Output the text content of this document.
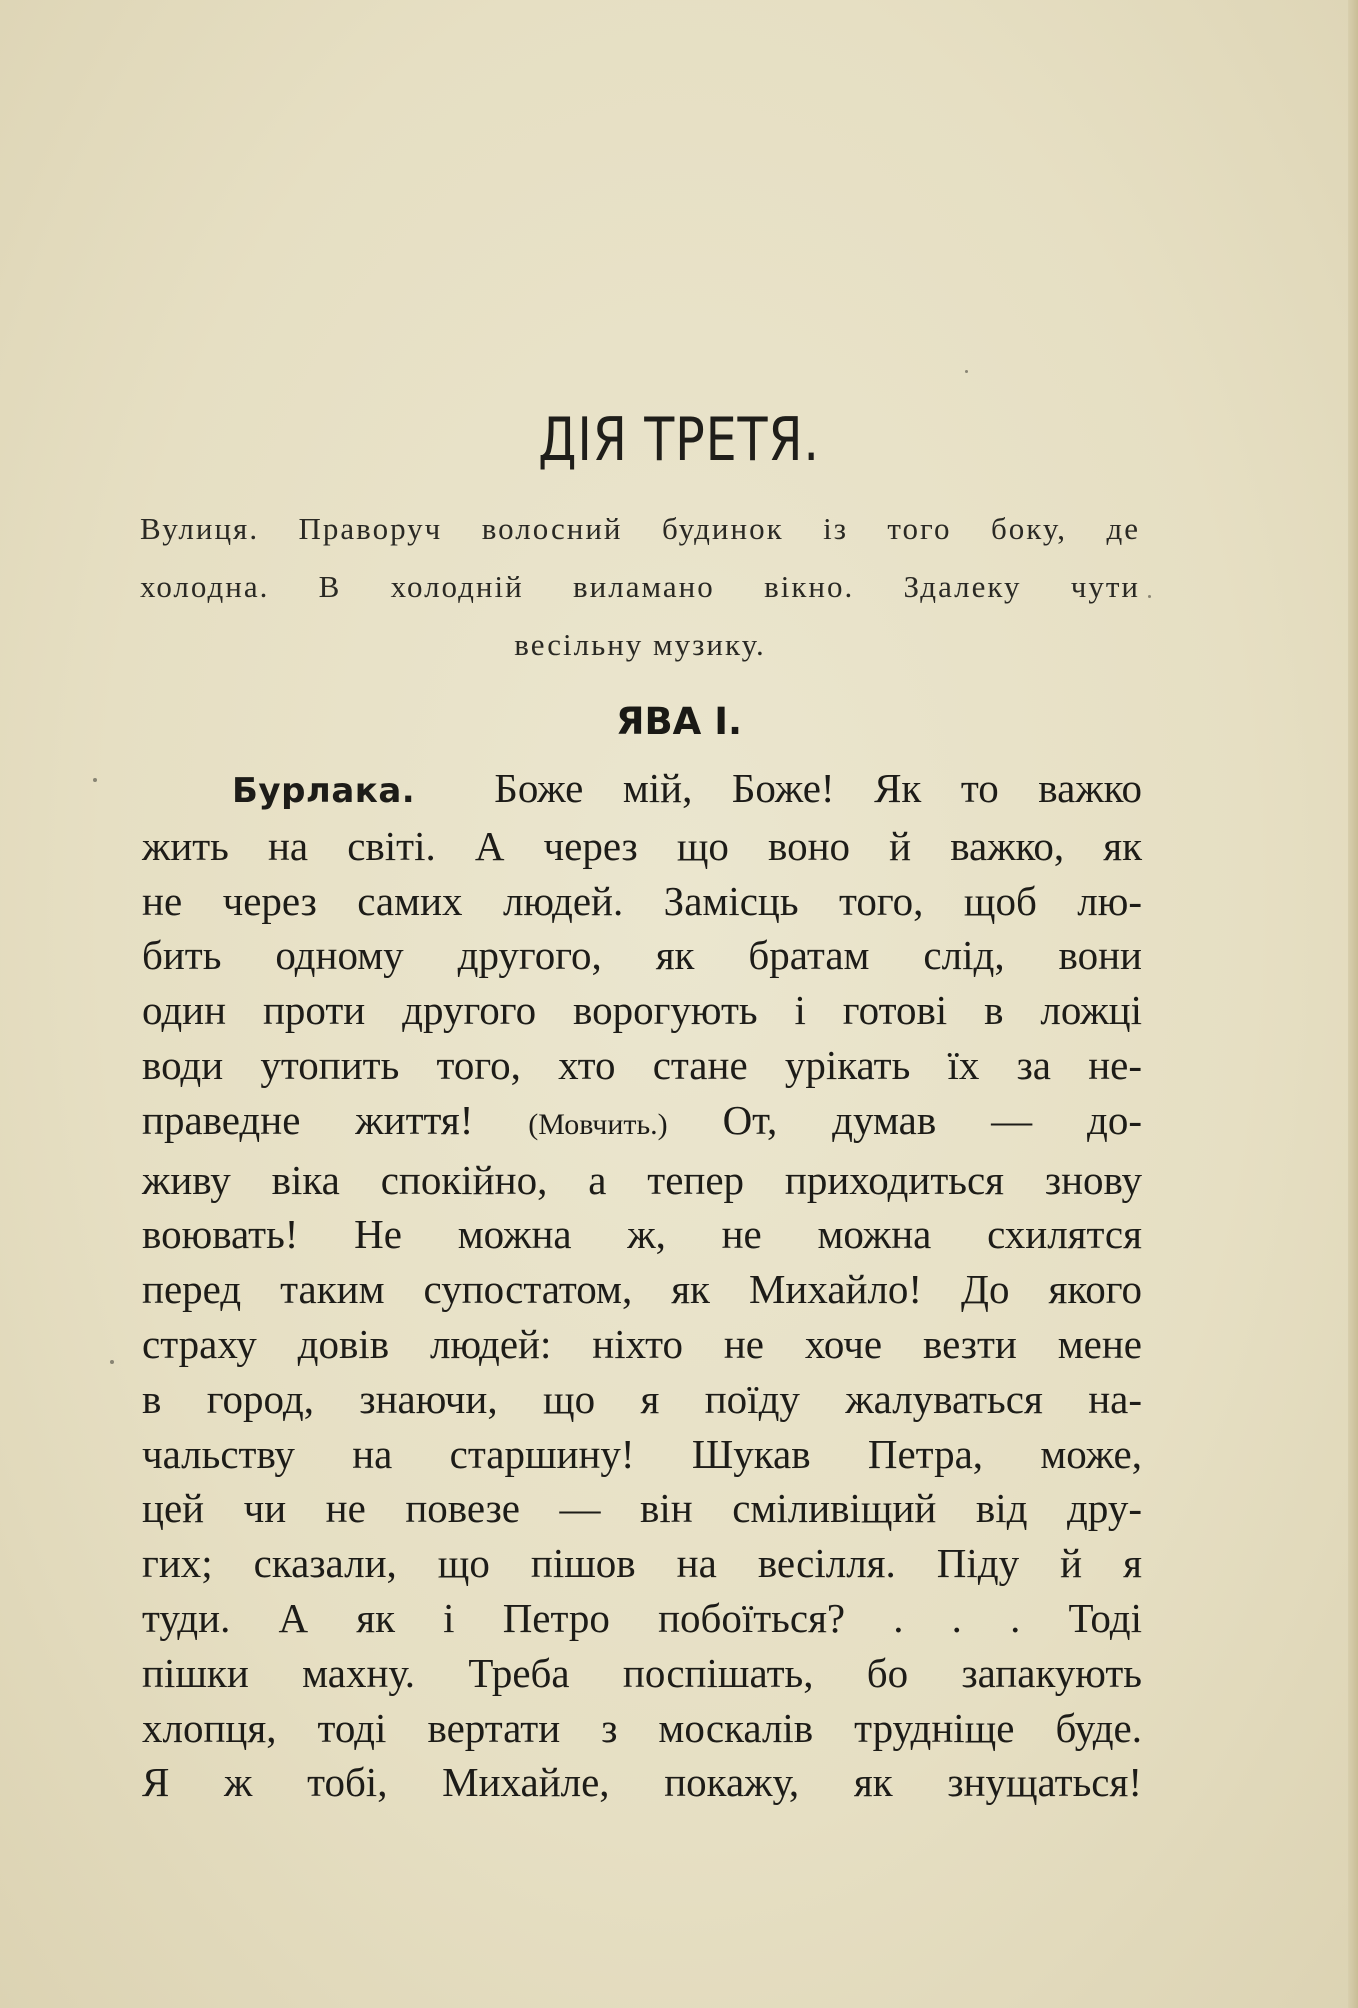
ДІЯ ТРЕТЯ.
Вулиця. Праворуч волосний будинок із того боку, де
холодна. В холодній виламано вікно. Здалеку чути
весільну музику.
ЯВА I.
Бурлака. Боже мій, Боже! Як то важко
жить на світі. А через що воно й важко, як
не через самих людей. Замісць того, щоб лю-
бить одному другого, як братам слід, вони
один проти другого ворогують і готові в ложці
води утопить того, хто стане урікать їх за не-
праведне життя! (Мовчить.) От, думав — до-
живу віка спокійно, а тепер приходиться знову
воювать! Не можна ж, не можна схилятся
перед таким супостатом, як Михайло! До якого
страху довів людей: ніхто не хоче везти мене
в город, знаючи, що я поїду жалуваться на-
чальству на старшину! Шукав Петра, може,
цей чи не повезе — він сміливіщий від дру-
гих; сказали, що пішов на весілля. Піду й я
туди. А як і Петро побоїться? . . . Тоді
пішки махну. Треба поспішать, бо запакують
хлопця, тоді вертати з москалів трудніще буде.
Я ж тобі, Михайле, покажу, як знущаться!
